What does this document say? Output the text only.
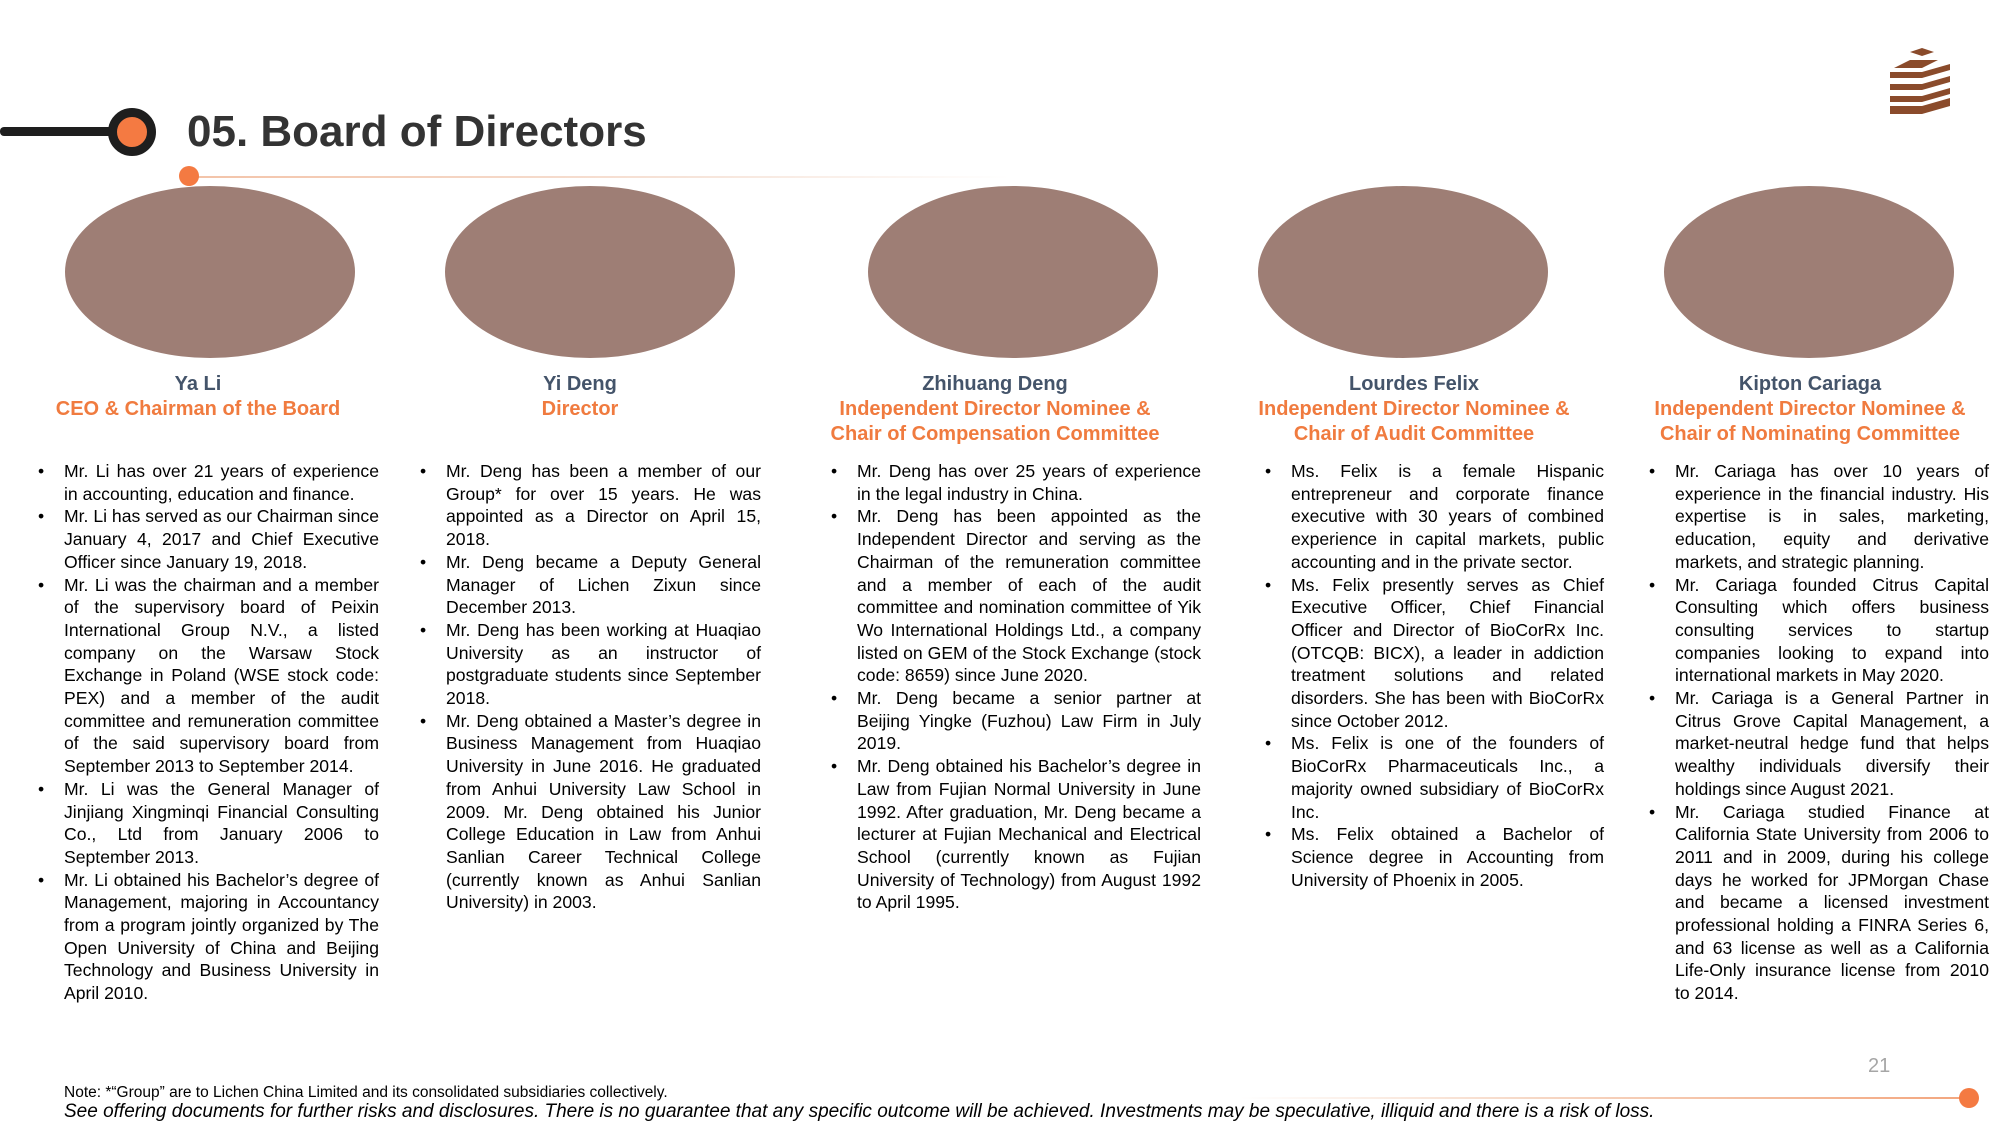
05. Board of Directors
Ya Li
CEO & Chairman of the Board
Yi Deng
Director
Zhihuang Deng
Independent Director Nominee & Chair of Compensation Committee
Lourdes Felix
Independent Director Nominee & Chair of Audit Committee
Kipton Cariaga
Independent Director Nominee & Chair of Nominating Committee
• Mr. Li has over 21 years of experience in accounting, education and finance.
• Mr. Li has served as our Chairman since January 4, 2017 and Chief Executive Officer since January 19, 2018.
• Mr. Li was the chairman and a member of the supervisory board of Peixin International Group N.V., a listed company on the Warsaw Stock Exchange in Poland (WSE stock code: PEX) and a member of the audit committee and remuneration committee of the said supervisory board from September 2013 to September 2014.
• Mr. Li was the General Manager of Jinjiang Xingminqi Financial Consulting Co., Ltd from January 2006 to September 2013.
• Mr. Li obtained his Bachelor’s degree of Management, majoring in Accountancy from a program jointly organized by The Open University of China and Beijing Technology and Business University in April 2010.
• Mr. Deng has been a member of our Group* for over 15 years. He was appointed as a Director on April 15, 2018.
• Mr. Deng became a Deputy General Manager of Lichen Zixun since December 2013.
• Mr. Deng has been working at Huaqiao University as an instructor of postgraduate students since September 2018.
• Mr. Deng obtained a Master’s degree in Business Management from Huaqiao University in June 2016. He graduated from Anhui University Law School in 2009. Mr. Deng obtained his Junior College Education in Law from Anhui Sanlian Career Technical College (currently known as Anhui Sanlian University) in 2003.
• Mr. Deng has over 25 years of experience in the legal industry in China.
• Mr. Deng has been appointed as the Independent Director and serving as the Chairman of the remuneration committee and a member of each of the audit committee and nomination committee of Yik Wo International Holdings Ltd., a company listed on GEM of the Stock Exchange (stock code: 8659) since June 2020.
• Mr. Deng became a senior partner at Beijing Yingke (Fuzhou) Law Firm in July 2019.
• Mr. Deng obtained his Bachelor’s degree in Law from Fujian Normal University in June 1992. After graduation, Mr. Deng became a lecturer at Fujian Mechanical and Electrical School (currently known as Fujian University of Technology) from August 1992 to April 1995.
• Ms. Felix is a female Hispanic entrepreneur and corporate finance executive with 30 years of combined experience in capital markets, public accounting and in the private sector.
• Ms. Felix presently serves as Chief Executive Officer, Chief Financial Officer and Director of BioCorRx Inc. (OTCQB: BICX), a leader in addiction treatment solutions and related disorders. She has been with BioCorRx since October 2012.
• Ms. Felix is one of the founders of BioCorRx Pharmaceuticals Inc., a majority owned subsidiary of BioCorRx Inc.
• Ms. Felix obtained a Bachelor of Science degree in Accounting from University of Phoenix in 2005.
• Mr. Cariaga has over 10 years of experience in the financial industry. His expertise is in sales, marketing, education, equity and derivative markets, and strategic planning.
• Mr. Cariaga founded Citrus Capital Consulting which offers business consulting services to startup companies looking to expand into international markets in May 2020.
• Mr. Cariaga is a General Partner in Citrus Grove Capital Management, a market-neutral hedge fund that helps wealthy individuals diversify their holdings since August 2021.
• Mr. Cariaga studied Finance at California State University from 2006 to 2011 and in 2009, during his college days he worked for JPMorgan Chase and became a licensed investment professional holding a FINRA Series 6, and 63 license as well as a California Life-Only insurance license from 2010 to 2014.
21
Note: *“Group” are to Lichen China Limited and its consolidated subsidiaries collectively.
See offering documents for further risks and disclosures. There is no guarantee that any specific outcome will be achieved. Investments may be speculative, illiquid and there is a risk of loss.
